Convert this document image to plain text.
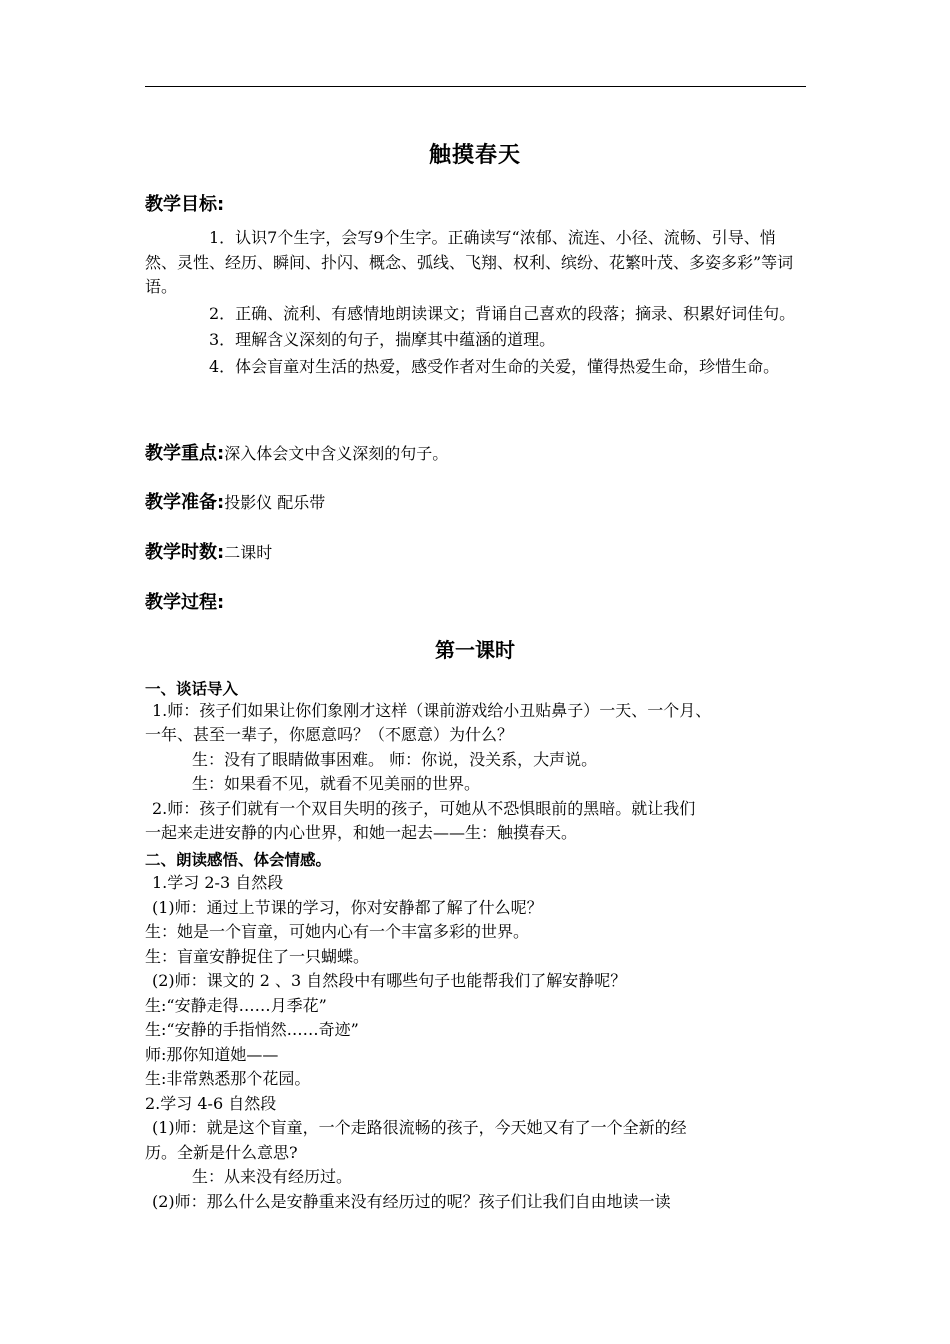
触摸春天
教学目标:

1．认识7个生字，会写9个生字。正确读写“浓郁、流连、小径、流畅、引导、悄然、灵性、经历、瞬间、扑闪、概念、弧线、飞翔、权利、缤纷、花繁叶茂、多姿多彩”等词语。

2．正确、流利、有感情地朗读课文；背诵自己喜欢的段落；摘录、积累好词佳句。

3．理解含义深刻的句子，揣摩其中蕴涵的道理。

4．体会盲童对生活的热爱，感受作者对生命的关爱，懂得热爱生命，珍惜生命。

教学重点:深入体会文中含义深刻的句子。
教学准备:投影仪 配乐带
教学时数:二课时
教学过程:
第一课时
一、谈话导入
1.师：孩子们如果让你们象刚才这样（课前游戏给小丑贴鼻子）一天、一个月、
一年、甚至一辈子，你愿意吗？（不愿意）为什么？
生：没有了眼睛做事困难。 师：你说，没关系，大声说。
生：如果看不见，就看不见美丽的世界。
2.师：孩子们就有一个双目失明的孩子，可她从不恐惧眼前的黑暗。就让我们
一起来走进安静的内心世界，和她一起去——生：触摸春天。
二、朗读感悟、体会情感。
1.学习 2-3 自然段
(1)师：通过上节课的学习，你对安静都了解了什么呢？
生：她是一个盲童，可她内心有一个丰富多彩的世界。
生：盲童安静捉住了一只蝴蝶。
(2)师：课文的 2 、3 自然段中有哪些句子也能帮我们了解安静呢？
生:“安静走得……月季花”
生:“安静的手指悄然……奇迹”
师:那你知道她——
生:非常熟悉那个花园。
2.学习 4-6 自然段
(1)师：就是这个盲童，一个走路很流畅的孩子，今天她又有了一个全新的经
历。全新是什么意思?
生：从来没有经历过。
(2)师：那么什么是安静重来没有经历过的呢？孩子们让我们自由地读一读
